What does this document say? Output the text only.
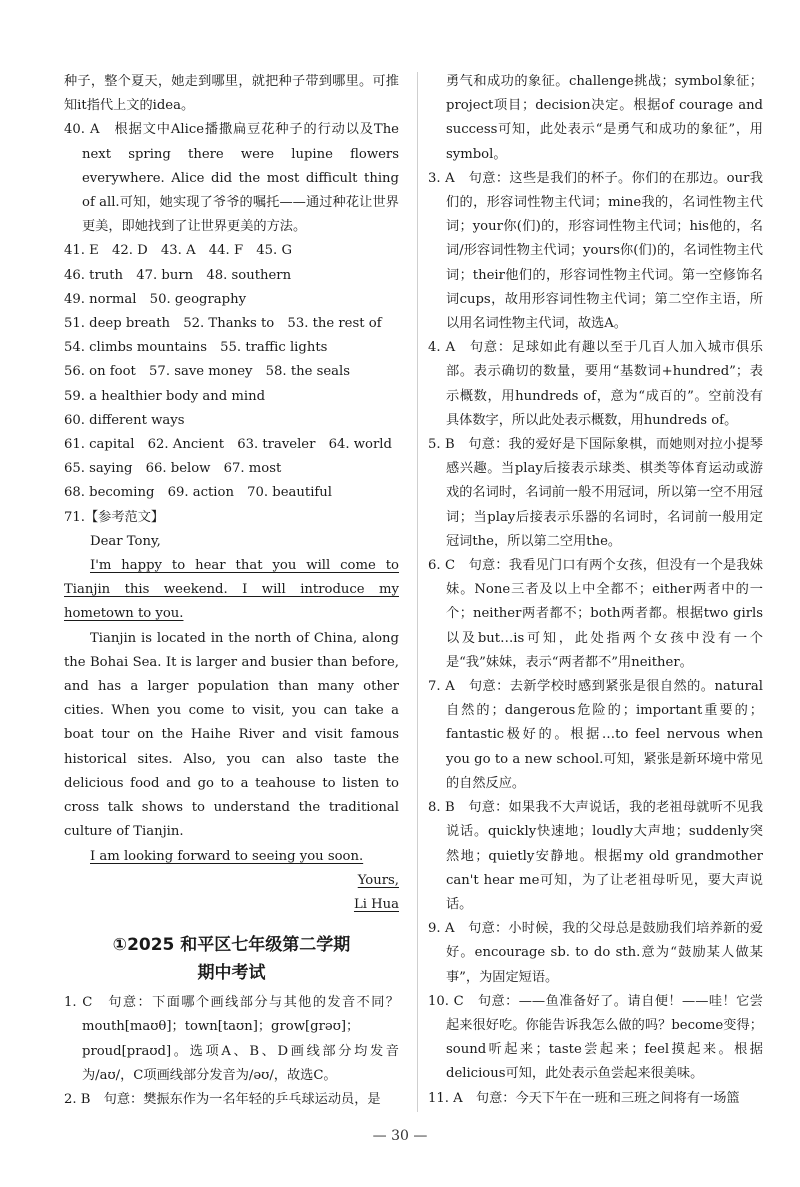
种子，整个夏天，她走到哪里，就把种子带到哪里。可推知it指代上文的idea。

40. A　根据文中Alice播撒扁豆花种子的行动以及The next spring there were lupine flowers everywhere. Alice did the most difficult thing of all.可知，她实现了爷爷的嘱托——通过种花让世界更美，即她找到了让世界更美的方法。

41. E　42. D　43. A　44. F　45. G
46. truth　47. burn　48. southern
49. normal　50. geography
51. deep breath　52. Thanks to　53. the rest of
54. climbs mountains　55. traffic lights
56. on foot　57. save money　58. the seals
59. a healthier body and mind
60. different ways
61. capital　62. Ancient　63. traveler　64. world
65. saying　66. below　67. most
68. becoming　69. action　70. beautiful
71.【参考范文】
Dear Tony,

I'm happy to hear that you will come to Tianjin this weekend. I will introduce my hometown to you.

Tianjin is located in the north of China, along the Bohai Sea. It is larger and busier than before, and has a larger population than many other cities. When you come to visit, you can take a boat tour on the Haihe River and visit famous historical sites. Also, you can also taste the delicious food and go to a teahouse to listen to cross talk shows to understand the traditional culture of Tianjin.

I am looking forward to seeing you soon.
Yours,
Li Hua
①2025 和平区七年级第二学期
期中考试

1. C　句意：下面哪个画线部分与其他的发音不同？mouth[maʊθ]；town[taʊn]；grow[grəʊ]；proud[praʊd]。选项A、B、D画线部分均发音为/aʊ/，C项画线部分发音为/əʊ/，故选C。

2. B　句意：樊振东作为一名年轻的乒乓球运动员，是

勇气和成功的象征。challenge挑战；symbol象征；project项目；decision决定。根据of courage and success可知，此处表示“是勇气和成功的象征”，用symbol。

3. A　句意：这些是我们的杯子。你们的在那边。our我们的，形容词性物主代词；mine我的，名词性物主代词；your你(们)的，形容词性物主代词；his他的，名词/形容词性物主代词；yours你(们)的，名词性物主代词；their他们的，形容词性物主代词。第一空修饰名词cups，故用形容词性物主代词；第二空作主语，所以用名词性物主代词，故选A。

4. A　句意：足球如此有趣以至于几百人加入城市俱乐部。表示确切的数量，要用“基数词+hundred”；表示概数，用hundreds of，意为“成百的”。空前没有具体数字，所以此处表示概数，用hundreds of。

5. B　句意：我的爱好是下国际象棋，而她则对拉小提琴感兴趣。当play后接表示球类、棋类等体育运动或游戏的名词时，名词前一般不用冠词，所以第一空不用冠词；当play后接表示乐器的名词时，名词前一般用定冠词the，所以第二空用the。

6. C　句意：我看见门口有两个女孩，但没有一个是我妹妹。None三者及以上中全都不；either两者中的一个；neither两者都不；both两者都。根据two girls以及but…is可知，此处指两个女孩中没有一个是“我”妹妹，表示“两者都不”用neither。

7. A　句意：去新学校时感到紧张是很自然的。natural自然的；dangerous危险的；important重要的；fantastic极好的。根据…to feel nervous when you go to a new school.可知，紧张是新环境中常见的自然反应。

8. B　句意：如果我不大声说话，我的老祖母就听不见我说话。quickly快速地；loudly大声地；suddenly突然地；quietly安静地。根据my old grandmother can't hear me可知，为了让老祖母听见，要大声说话。

9. A　句意：小时候，我的父母总是鼓励我们培养新的爱好。encourage sb. to do sth.意为“鼓励某人做某事”，为固定短语。

10. C　句意：——鱼准备好了。请自便！——哇！它尝起来很好吃。你能告诉我怎么做的吗？become变得；sound听起来；taste尝起来；feel摸起来。根据delicious可知，此处表示鱼尝起来很美味。

11. A　句意：今天下午在一班和三班之间将有一场篮

— 30 —
